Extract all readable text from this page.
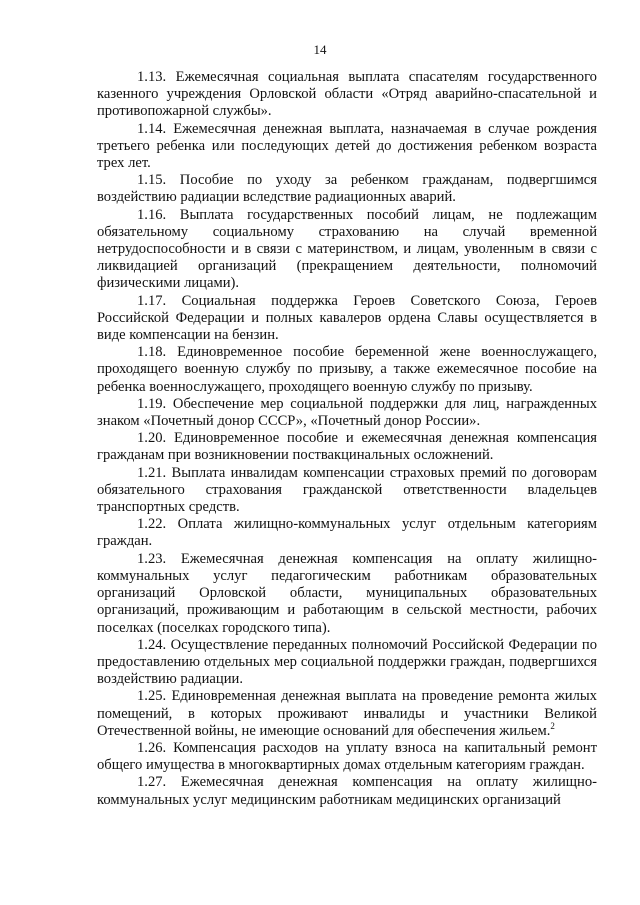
14

1.13. Ежемесячная социальная выплата спасателям государственного казенного учреждения Орловской области «Отряд аварийно-спасательной и противопожарной службы».

1.14. Ежемесячная денежная выплата, назначаемая в случае рождения третьего ребенка или последующих детей до достижения ребенком возраста трех лет.

1.15. Пособие по уходу за ребенком гражданам, подвергшимся воздействию радиации вследствие радиационных аварий.

1.16. Выплата государственных пособий лицам, не подлежащим обязательному социальному страхованию на случай временной нетрудоспособности и в связи с материнством, и лицам, уволенным в связи с ликвидацией организаций (прекращением деятельности, полномочий физическими лицами).

1.17. Социальная поддержка Героев Советского Союза, Героев Российской Федерации и полных кавалеров ордена Славы осуществляется в виде компенсации на бензин.

1.18. Единовременное пособие беременной жене военнослужащего, проходящего военную службу по призыву, а также ежемесячное пособие на ребенка военнослужащего, проходящего военную службу по призыву.

1.19. Обеспечение мер социальной поддержки для лиц, награжденных знаком «Почетный донор СССР», «Почетный донор России».

1.20. Единовременное пособие и ежемесячная денежная компенсация гражданам при возникновении поствакцинальных осложнений.

1.21. Выплата инвалидам компенсации страховых премий по договорам обязательного страхования гражданской ответственности владельцев транспортных средств.

1.22. Оплата жилищно-коммунальных услуг отдельным категориям граждан.

1.23. Ежемесячная денежная компенсация на оплату жилищно-коммунальных услуг педагогическим работникам образовательных организаций Орловской области, муниципальных образовательных организаций, проживающим и работающим в сельской местности, рабочих поселках (поселках городского типа).

1.24. Осуществление переданных полномочий Российской Федерации по предоставлению отдельных мер социальной поддержки граждан, подвергшихся воздействию радиации.

1.25. Единовременная денежная выплата на проведение ремонта жилых помещений, в которых проживают инвалиды и участники Великой Отечественной войны, не имеющие оснований для обеспечения жильем.$^2$

1.26. Компенсация расходов на уплату взноса на капитальный ремонт общего имущества в многоквартирных домах отдельным категориям граждан.

1.27. Ежемесячная денежная компенсация на оплату жилищно-коммунальных услуг медицинским работникам медицинских организаций
